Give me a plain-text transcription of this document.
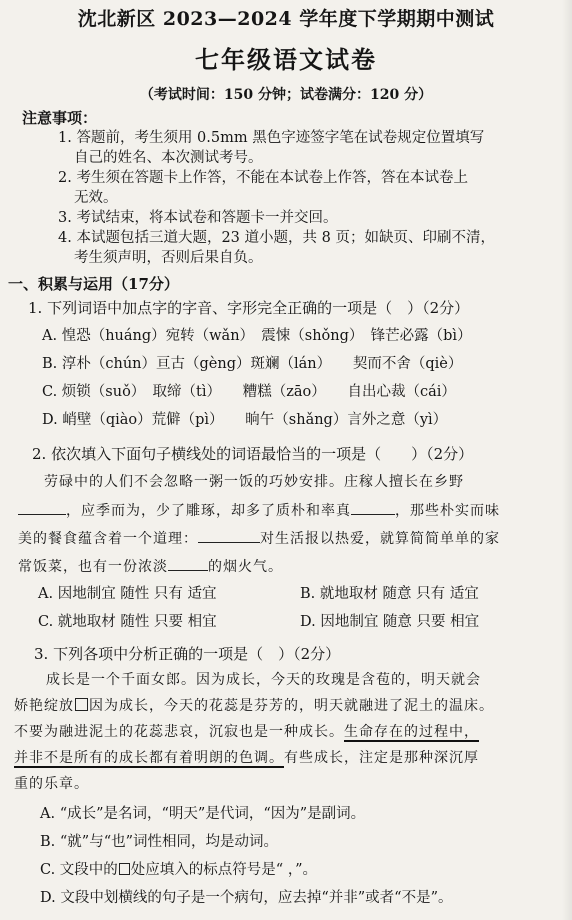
沈北新区 2023—2024 学年度下学期期中测试
七年级语文试卷
（考试时间：150 分钟；试卷满分：120 分）
注意事项：
1. 答题前，考生须用 0.5mm 黑色字迹签字笔在试卷规定位置填写
自己的姓名、本次测试考号。
2. 考生须在答题卡上作答，不能在本试卷上作答，答在本试卷上
无效。
3. 考试结束，将本试卷和答题卡一并交回。
4. 本试题包括三道大题，23 道小题，共 8 页；如缺页、印刷不清，
考生须声明，否则后果自负。
一、积累与运用（17分）
1. 下列词语中加点字的字音、字形完全正确的一项是（　）（2分）
A. 惶恐（huáng）宛转（wǎn）　震悚（shǒng）　锋芒必露（bì）
B. 淳朴（chún）亘古（gèng）斑斓（lán）　　契而不舍（qiè）
C. 烦锁（suǒ）　取缔（tì）　　糟糕（zāo）　　自出心裁（cái）
D. 峭壁（qiào）荒僻（pì）　　晌午（shǎng）言外之意（yì）
2. 依次填入下面句子横线处的词语最恰当的一项是（　　）（2分）
劳碌中的人们不会忽略一粥一饭的巧妙安排。庄稼人擅长在乡野
，应季而为，少了雕琢，却多了质朴和率真	，那些朴实而味
美的餐食蕴含着一个道理：	对生活报以热爱，就算简简单单的家
常饭菜，也有一份浓淡	的烟火气。
A. 因地制宜 随性 只有 适宜	B. 就地取材 随意 只有 适宜
C. 就地取材 随性 只要 相宜	D. 因地制宜 随意 只要 相宜
3. 下列各项中分析正确的一项是（　）（2分）
成长是一个千面女郎。因为成长，今天的玫瑰是含苞的，明天就会
娇艳绽放 因为成长，今天的花蕊是芬芳的，明天就融进了泥土的温床。
不要为融进泥土的花蕊悲哀，沉寂也是一种成长。生命存在的过程中，
并非不是所有的成长都有着明朗的色调。有些成长，注定是那种深沉厚
重的乐章。
A. “成长”是名词，“明天”是代词，“因为”是副词。
B. “就”与“也”词性相同，均是动词。
C. 文段中的 处应填入的标点符号是“ ，”。
D. 文段中划横线的句子是一个病句，应去掉“并非”或者“不是”。
